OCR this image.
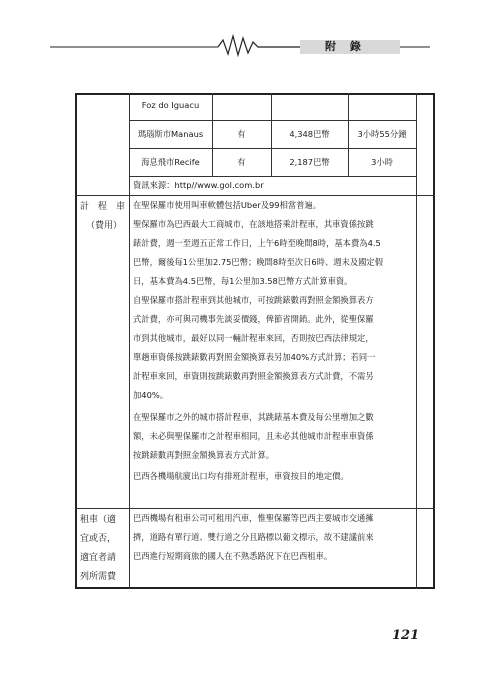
附 錄
Foz do Iguacu
瑪瑙斯市Manaus	有	4,348巴幣	3小時55分鐘
海息飛市Recife	有	2,187巴幣	3小時
資訊來源：http//www.gol.com.br
計　程　車
（費用）
在聖保羅市使用叫車軟體包括Uber及99相當普遍。
聖保羅市為巴西最大工商城市，在該地搭乘計程車，其車資係按跳
錶計費，週一至週五正常工作日，上午6時至晚間8時，基本費為4.5
巴幣，爾後每1公里加2.75巴幣；晚間8時至次日6時、週末及國定假
日，基本費為4.5巴幣，每1公里加3.58巴幣方式計算車資。
自聖保羅市搭計程車到其他城市，可按跳錶數再對照金額換算表方
式計費，亦可與司機事先談妥價錢，俾節省開銷。此外，從聖保羅
市到其他城市，最好以同一輛計程車來回，否則按巴西法律規定，
單趟車資係按跳錶數再對照金額換算表另加40%方式計算；若同一
計程車來回，車資則按跳錶數再對照金額換算表方式計費，不需另
加40%。
在聖保羅市之外的城市搭計程車，其跳錶基本費及每公里增加之數
額，未必與聖保羅市之計程車相同，且未必其他城市計程車車資係
按跳錶數再對照金額換算表方式計算。
巴西各機場航廈出口均有排班計程車，車資按目的地定價。
租車（適
宜或否，
適宜者請
列所需費
巴西機場有租車公司可租用汽車，惟聖保羅等巴西主要城市交通擁
擠，道路有單行道、雙行道之分且路標以葡文標示，故不建議前來
巴西進行短期商旅的國人在不熟悉路況下在巴西租車。
121
